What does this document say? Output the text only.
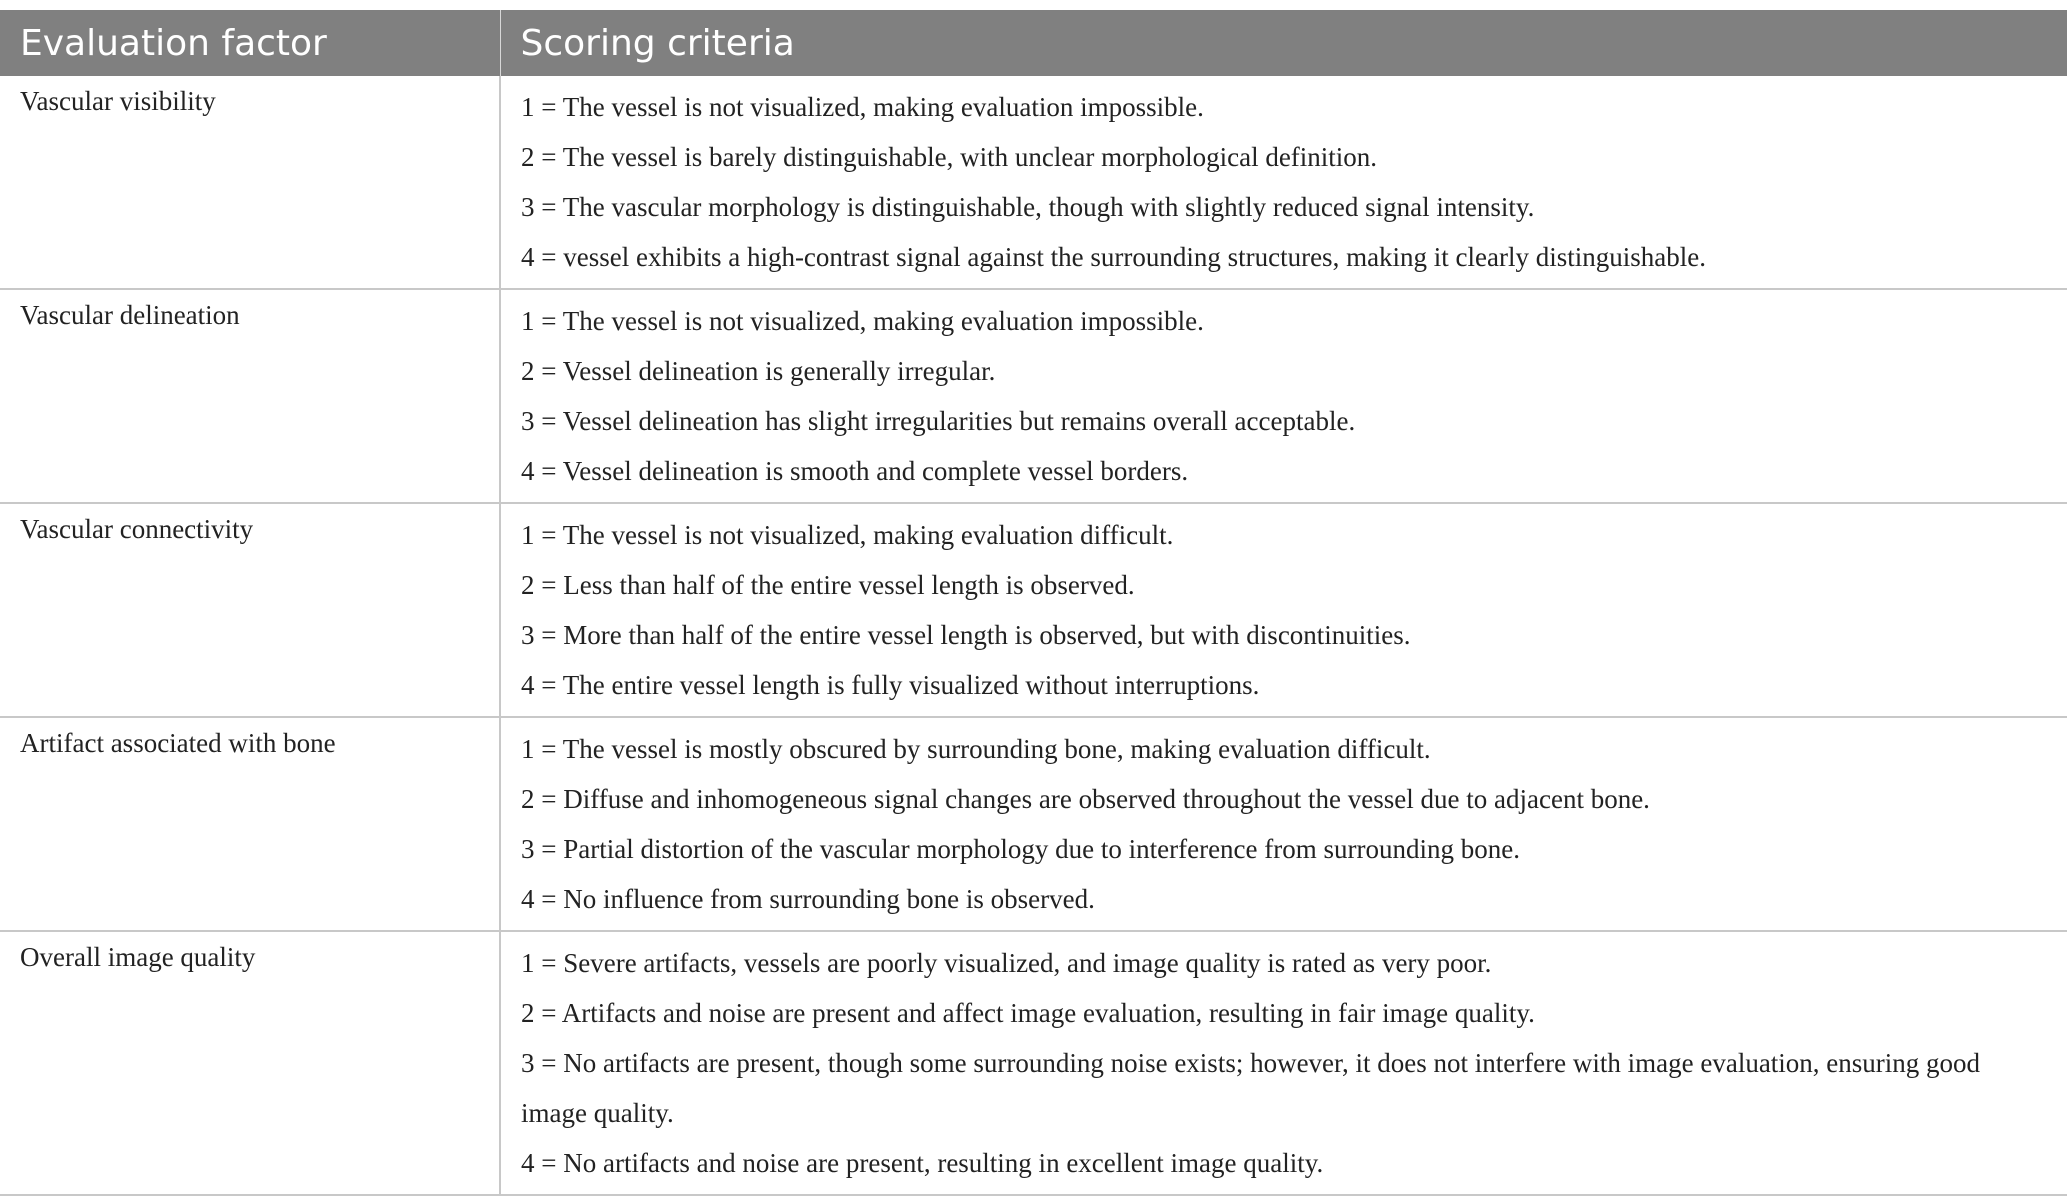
Evaluation factor	Scoring criteria
Vascular visibility	1 = The vessel is not visualized, making evaluation impossible.
2 = The vessel is barely distinguishable, with unclear morphological definition.
3 = The vascular morphology is distinguishable, though with slightly reduced signal intensity.
4 = vessel exhibits a high-contrast signal against the surrounding structures, making it clearly distinguishable.

Vascular delineation	1 = The vessel is not visualized, making evaluation impossible.
2 = Vessel delineation is generally irregular.
3 = Vessel delineation has slight irregularities but remains overall acceptable.
4 = Vessel delineation is smooth and complete vessel borders.

Vascular connectivity	1 = The vessel is not visualized, making evaluation difficult.
2 = Less than half of the entire vessel length is observed.
3 = More than half of the entire vessel length is observed, but with discontinuities.
4 = The entire vessel length is fully visualized without interruptions.

Artifact associated with bone	1 = The vessel is mostly obscured by surrounding bone, making evaluation difficult.
2 = Diffuse and inhomogeneous signal changes are observed throughout the vessel due to adjacent bone.
3 = Partial distortion of the vascular morphology due to interference from surrounding bone.
4 = No influence from surrounding bone is observed.

Overall image quality	1 = Severe artifacts, vessels are poorly visualized, and image quality is rated as very poor.
2 = Artifacts and noise are present and affect image evaluation, resulting in fair image quality.
3 = No artifacts are present, though some surrounding noise exists; however, it does not interfere with image evaluation, ensuring good image quality.
4 = No artifacts and noise are present, resulting in excellent image quality.
